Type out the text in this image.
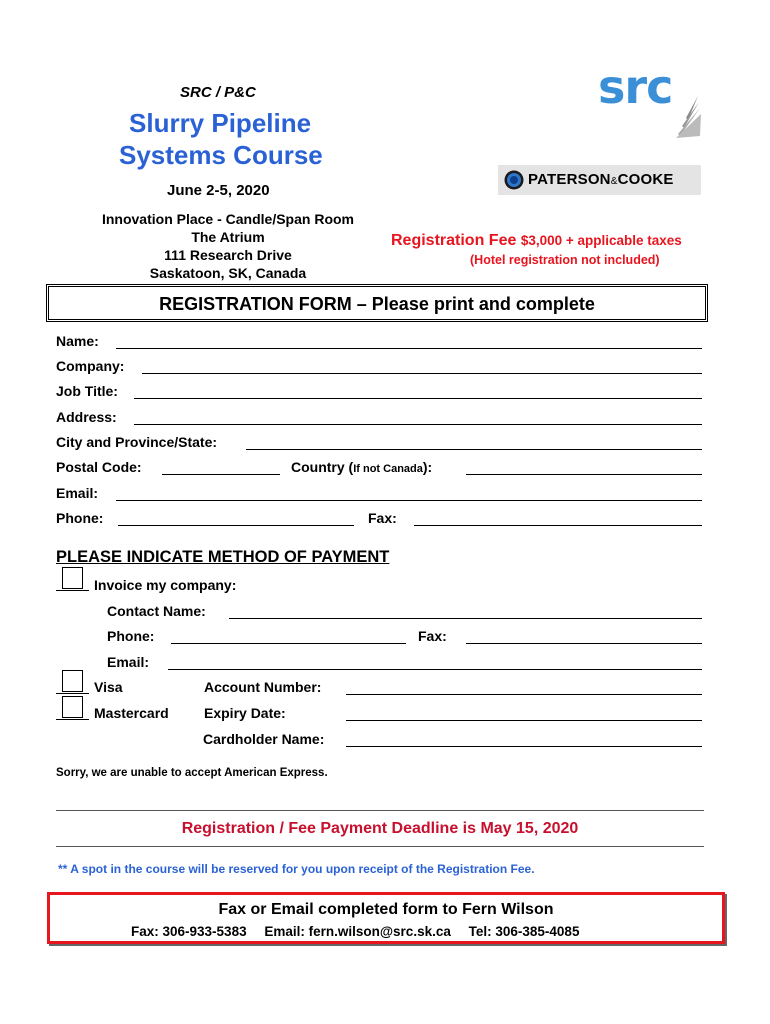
SRC / P&C
Slurry Pipeline
Systems Course
June 2-5, 2020
Innovation Place - Candle/Span Room
The Atrium
111 Research Drive
Saskatoon, SK, Canada
src
PATERSON&COOKE
Registration Fee $3,000 + applicable taxes
(Hotel registration not included)
REGISTRATION FORM – Please print and complete
Name:
Company:
Job Title:
Address:
City and Province/State:
Postal Code:	Country (If not Canada):
Email:
Phone:	Fax:
PLEASE INDICATE METHOD OF PAYMENT
Invoice my company:
Contact Name:
Phone:	Fax:
Email:
Visa	Account Number:
Mastercard	Expiry Date:
Cardholder Name:
Sorry, we are unable to accept American Express.
Registration / Fee Payment Deadline is May 15, 2020
** A spot in the course will be reserved for you upon receipt of the Registration Fee.
Fax or Email completed form to Fern Wilson
Fax: 306-933-5383 Email: fern.wilson@src.sk.ca Tel: 306-385-4085
